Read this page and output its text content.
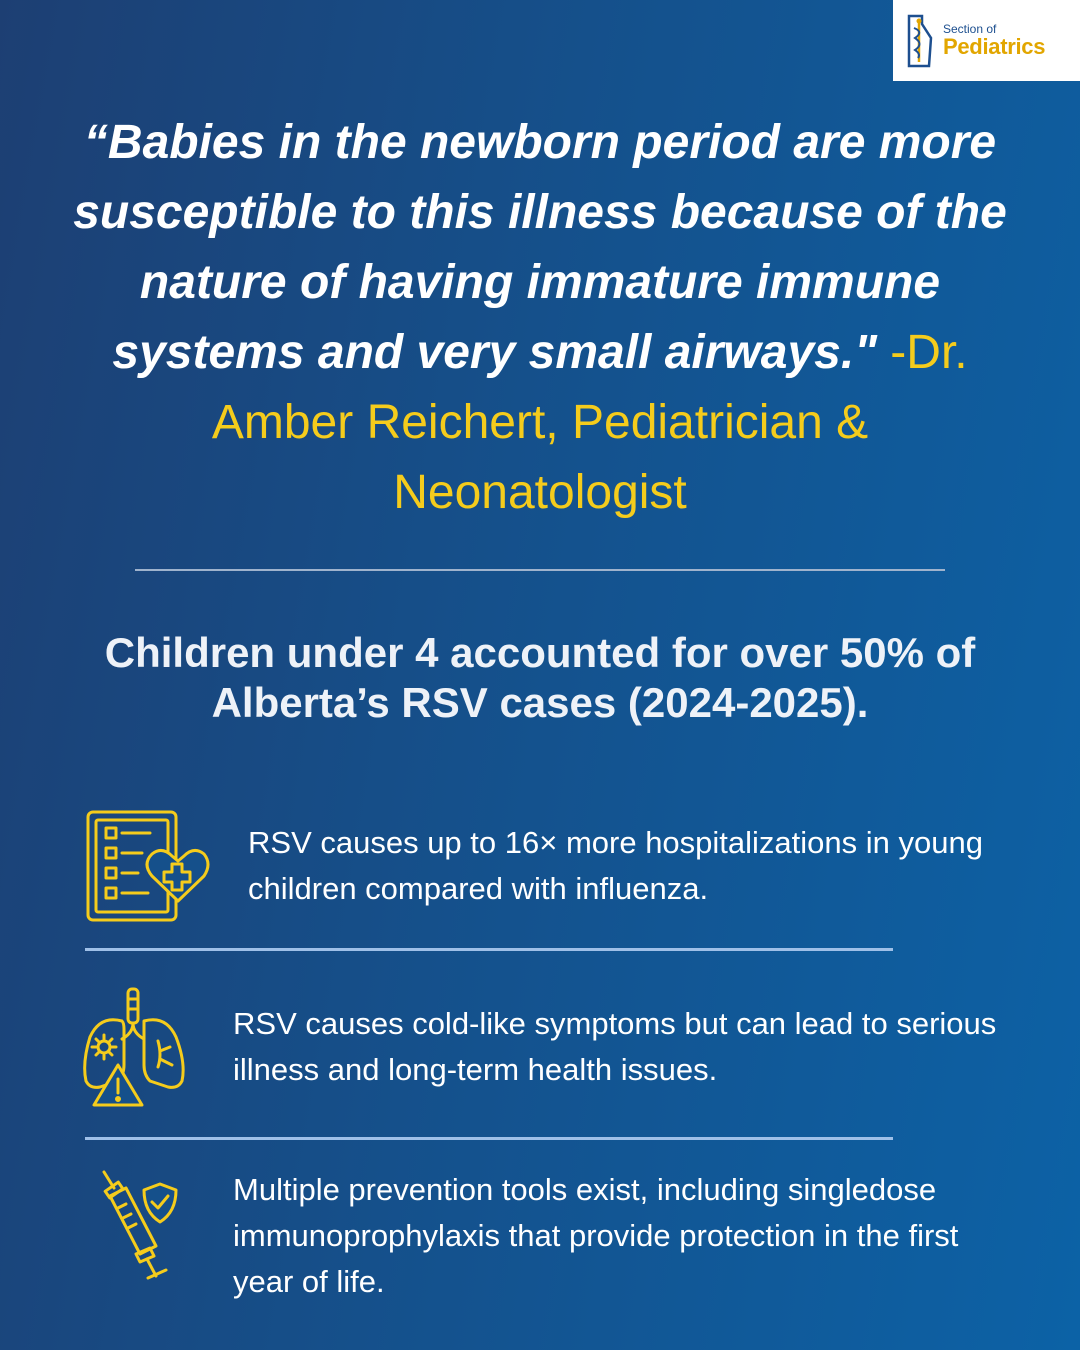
Section of
Pediatrics
“Babies in the newborn period are more susceptible to this illness because of the nature of having immature immune systems and very small airways." -Dr. Amber Reichert, Pediatrician & Neonatologist
Children under 4 accounted for over 50% of Alberta’s RSV cases (2024-2025).
RSV causes up to 16× more hospitalizations in young children compared with influenza.
RSV causes cold-like symptoms but can lead to serious illness and long-term health issues.
Multiple prevention tools exist, including singledose immunoprophylaxis that provide protection in the first year of life.
